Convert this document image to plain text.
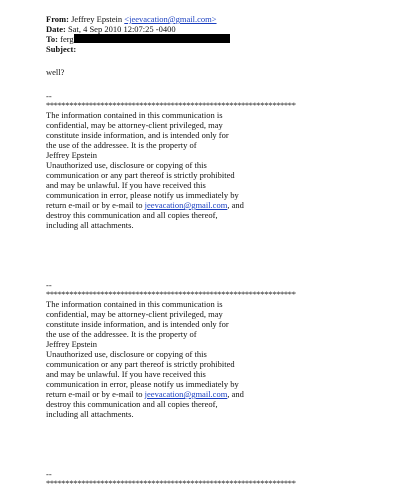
From: Jeffrey Epstein <jeevacation@gmail.com>
Date: Sat, 4 Sep 2010 12:07:25 -0400
To: ferg
Subject:
well?
--
****************************************************************

The information contained in this communication is

confidential, may be attorney-client privileged, may

constitute inside information, and is intended only for

the use of the addressee. It is the property of

Jeffrey Epstein

Unauthorized use, disclosure or copying of this

communication or any part thereof is strictly prohibited

and may be unlawful. If you have received this

communication in error, please notify us immediately by

return e-mail or by e-mail to jeevacation@gmail.com, and

destroy this communication and all copies thereof,

including all attachments.

--
****************************************************************

The information contained in this communication is

confidential, may be attorney-client privileged, may

constitute inside information, and is intended only for

the use of the addressee. It is the property of

Jeffrey Epstein

Unauthorized use, disclosure or copying of this

communication or any part thereof is strictly prohibited

and may be unlawful. If you have received this

communication in error, please notify us immediately by

return e-mail or by e-mail to jeevacation@gmail.com, and

destroy this communication and all copies thereof,

including all attachments.

--
****************************************************************
